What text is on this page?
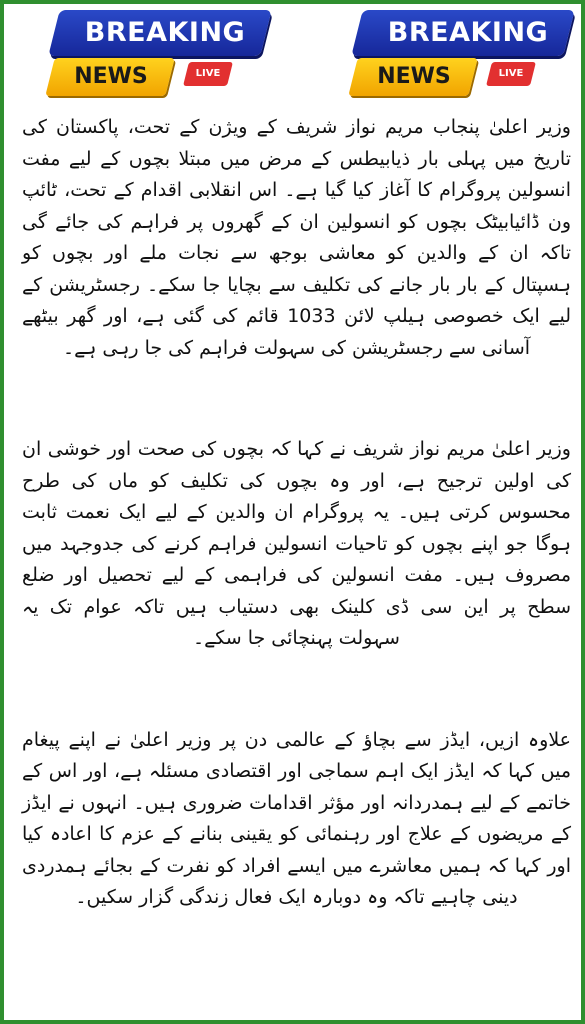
BREAKING
NEWS	LIVE
BREAKING
NEWS	LIVE

وزیر اعلیٰ پنجاب مریم نواز شریف کے ویژن کے تحت، پاکستان کی تاریخ میں پہلی بار ذیابیطس کے مرض میں مبتلا بچوں کے لیے مفت انسولین پروگرام کا آغاز کیا گیا ہے۔ اس انقلابی اقدام کے تحت، ٹائپ ون ڈائیابیٹک بچوں کو انسولین ان کے گھروں پر فراہم کی جائے گی تاکہ ان کے والدین کو معاشی بوجھ سے نجات ملے اور بچوں کو ہسپتال کے بار بار جانے کی تکلیف سے بچایا جا سکے۔ رجسٹریشن کے لیے ایک خصوصی ہیلپ لائن 1033 قائم کی گئی ہے، اور گھر بیٹھے آسانی سے رجسٹریشن کی سہولت فراہم کی جا رہی ہے۔

وزیر اعلیٰ مریم نواز شریف نے کہا کہ بچوں کی صحت اور خوشی ان کی اولین ترجیح ہے، اور وہ بچوں کی تکلیف کو ماں کی طرح محسوس کرتی ہیں۔ یہ پروگرام ان والدین کے لیے ایک نعمت ثابت ہوگا جو اپنے بچوں کو تاحیات انسولین فراہم کرنے کی جدوجہد میں مصروف ہیں۔ مفت انسولین کی فراہمی کے لیے تحصیل اور ضلع سطح پر این سی ڈی کلینک بھی دستیاب ہیں تاکہ عوام تک یہ سہولت پہنچائی جا سکے۔

علاوہ ازیں، ایڈز سے بچاؤ کے عالمی دن پر وزیر اعلیٰ نے اپنے پیغام میں کہا کہ ایڈز ایک اہم سماجی اور اقتصادی مسئلہ ہے، اور اس کے خاتمے کے لیے ہمدردانہ اور مؤثر اقدامات ضروری ہیں۔ انہوں نے ایڈز کے مریضوں کے علاج اور رہنمائی کو یقینی بنانے کے عزم کا اعادہ کیا اور کہا کہ ہمیں معاشرے میں ایسے افراد کو نفرت کے بجائے ہمدردی دینی چاہیے تاکہ وہ دوبارہ ایک فعال زندگی گزار سکیں۔
